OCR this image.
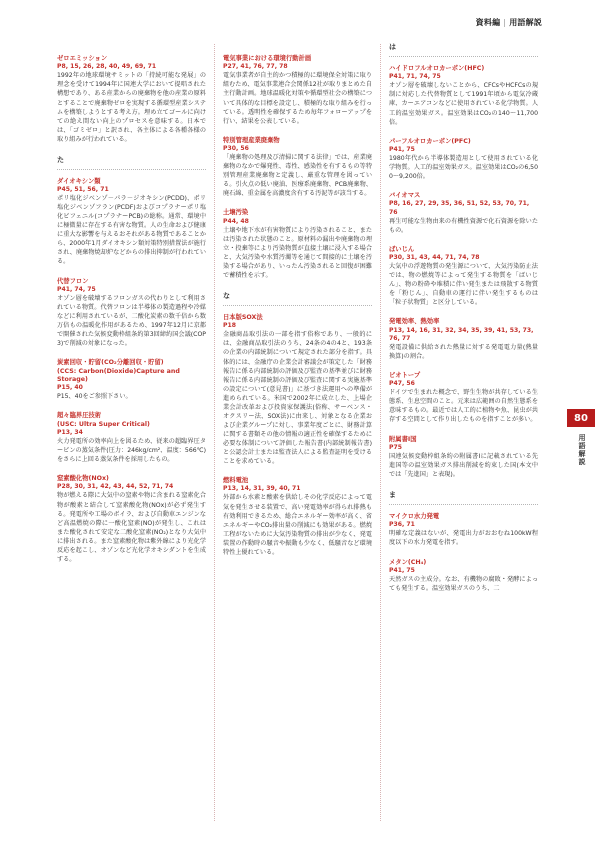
資料編 | 用語解説
ゼロエミッション
P8, 15, 26, 28, 40, 49, 69, 71
1992年の地球環境サミットの「持続可能な発展」の理念を受けて1994年に国連大学において提唱された構想であり、ある産業からの廃棄物を他の産業の原料とすることで廃棄物ゼロを実現する循環型産業システムを構築しようとする考え方。埋め立てゴールに向けての絶え間ない向上のプロセスを意味する。日本では、「ゴミゼロ」と訳され、各主体による各種各様の取り組みが行われている。
た
ダイオキシン類
P45, 51, 56, 71
ポリ塩化ジベンゾ－パラ－ジオキシン(PCDD)、ポリ塩化ジベンゾフラン(PCDF)およびコプラナーポリ塩化ビフェニル(コプラナーPCB)の総称。通常、環境中に極微量に存在する有害な物質。人の生命および健康に重大な影響を与えるおそれがある物質であることから、2000年1月ダイオキシン類対策特別措置法が施行され、廃棄物焼却炉などからの排出抑制が行われている。
代替フロン
P41, 74, 75
オゾン層を破壊するフロンガスの代わりとして利用されている物質。代替フロンは半導体の製造過程や冷媒などに利用されているが、二酸化炭素の数千倍から数万倍もの温暖化作用があるため、1997年12月に京都で開催された気候変動枠組条約第3回締約国会議(COP3)で削減の対象になった。
炭素回収・貯留(CO₂分離回収・貯留)
(CCS: Carbon(Dioxide)Capture and Storage)
P15, 40
P15、40をご参照下さい。
超々臨界圧技術
(USC: Ultra Super Critical)
P13, 34
火力発電所の効率向上を図るため、従来の超臨界圧タービンの蒸気条件(圧力：246kg/cm²、温度：566℃)をさらに上回る蒸気条件を採用したもの。
窒素酸化物(NOx)
P28, 30, 31, 42, 43, 44, 52, 71, 74
物が燃える際に大気中の窒素や物に含まれる窒素化合物が酸素と結合して窒素酸化物(NOx)が必ず発生する。発電所や工場のボイラ、および自動車エンジンなど高温燃焼の際に一酸化窒素(NO)が発生し、これはまた酸化されて安定な二酸化窒素(NO₂)となり大気中に排出される。また窒素酸化物は紫外線により光化学反応を起こし、オゾンなど光化学オキシダントを生成する。
電気事業における環境行動計画
P27, 41, 76, 77, 78
電気事業者が自主的かつ積極的に環境保全対策に取り組むため、電気事業連合会関係12社が取りまとめた自主行動計画。地球温暖化対策や循環型社会の構築について具体的な目標を設定し、積極的な取り組みを行っている。透明性を確保するため毎年フォローアップを行い、結果を公表している。
特別管理産業廃棄物
P30, 56
「廃棄物の処理及び清掃に関する法律」では、産業廃棄物のなかで爆発性、毒性、感染性を有するもの等特別管理産業廃棄物と定義し、厳重な管理を図っている。引火点の低い廃油、医療系廃棄物、PCB廃棄物、廃石綿、重金属を高濃度含有する汚泥等が該当する。
土壌汚染
P44, 48
土壌や地下水が有害物質により汚染されること、または汚染された状態のこと。原材料の漏出や廃棄物の埋立・投棄等により汚染物質が直接土壌に浸入する場合と、大気汚染や水質汚濁等を通じて間接的に土壌を汚染する場合があり、いったん汚染されると回復が困難で蓄積性を示す。
な
日本版SOX法
P18
金融商品取引法の一部を指す俗称であり、一般的には、金融商品取引法のうち、24条の4の4と、193条の企業の内部統制について規定された部分を指す。具体的には、金融庁の企業会計審議会が策定した「財務報告に係る内部統制の評価及び監査の基準並びに財務報告に係る内部統制の評価及び監査に関する実施基準の設定について(意見書)」に基づき法運用への準備が進められている。米国で2002年に成立した、上場企業会計改革および投資家保護法(俗称、サーベンス・オクスリー法、SOX法)に由来し、対象となる企業および企業グループに対し、事業年度ごとに、財務計算に関する書類その他の情報の適正性を確保するために必要な体制について評価した報告書(内部統制報告書)と公認会計士または監査法人による監査証明を受けることを求めている。
燃料電池
P13, 14, 31, 39, 40, 71
外部から水素と酸素を供給しその化学反応によって電気を発生させる装置で、高い発電効率が得られ排熱も有効利用できるため、総合エネルギー効率が高く、省エネルギーやCO₂排出量の削減にも効果がある。燃焼工程がないために大気汚染物質の排出が少なく、発電装置の作動時の騒音や振動も少なく、低騒音など環境特性上優れている。
は
ハイドロフルオロカーボン(HFC)
P41, 71, 74, 75
オゾン層を破壊しないことから、CFCsやHCFCsの規制に対応した代替物質として1991年頃から電気冷蔵庫、カーエアコンなどに使用されている化学物質。人工的温室効果ガス。温室効果はCO₂の140～11,700倍。
パーフルオロカーボン(PFC)
P41, 75
1980年代から半導体製造用として使用されている化学物質。人工的温室効果ガス。温室効果はCO₂の6,500～9,200倍。
バイオマス
P8, 16, 27, 29, 35, 36, 51, 52, 53, 70, 71, 76
再生可能な生物由来の有機性資源で化石資源を除いたもの。
ばいじん
P30, 31, 43, 44, 71, 74, 78
大気中の浮遊物質の発生源について、大気汚染防止法では、物の燃焼等によって発生する物質を「ばいじん」、物の粉砕や堆積に伴い発生または飛散する物質を「粉じん」、自動車の運行に伴い発生するものは「粒子状物質」と区分している。
発電効率、熱効率
P13, 14, 16, 31, 32, 34, 35, 39, 41, 53, 73, 76, 77
発電設備に供給された熱量に対する発電電力量(熱量換算)の割合。
ビオトープ
P47, 56
ドイツで生まれた概念で、野生生物が共存している生態系、生息空間のこと。元来は広範囲の自然生態系を意味するもの。最近では人工的に植物や魚、昆虫が共存する空間として作り出したものを指すことが多い。
附属書Ⅰ国
P75
国連気候変動枠組条約の附属書Ⅰに記載されている先進国等の温室効果ガス排出削減を約束した国(本文中では「先進国」と表現)。
ま
マイクロ水力発電
P36, 71
明確な定義はないが、発電出力がおおむね100kW程度以下の水力発電を指す。
メタン(CH₄)
P41, 75
天然ガスの主成分。なお、有機物の腐敗・発酵によっても発生する。温室効果ガスのうち、二
80
用語解説
